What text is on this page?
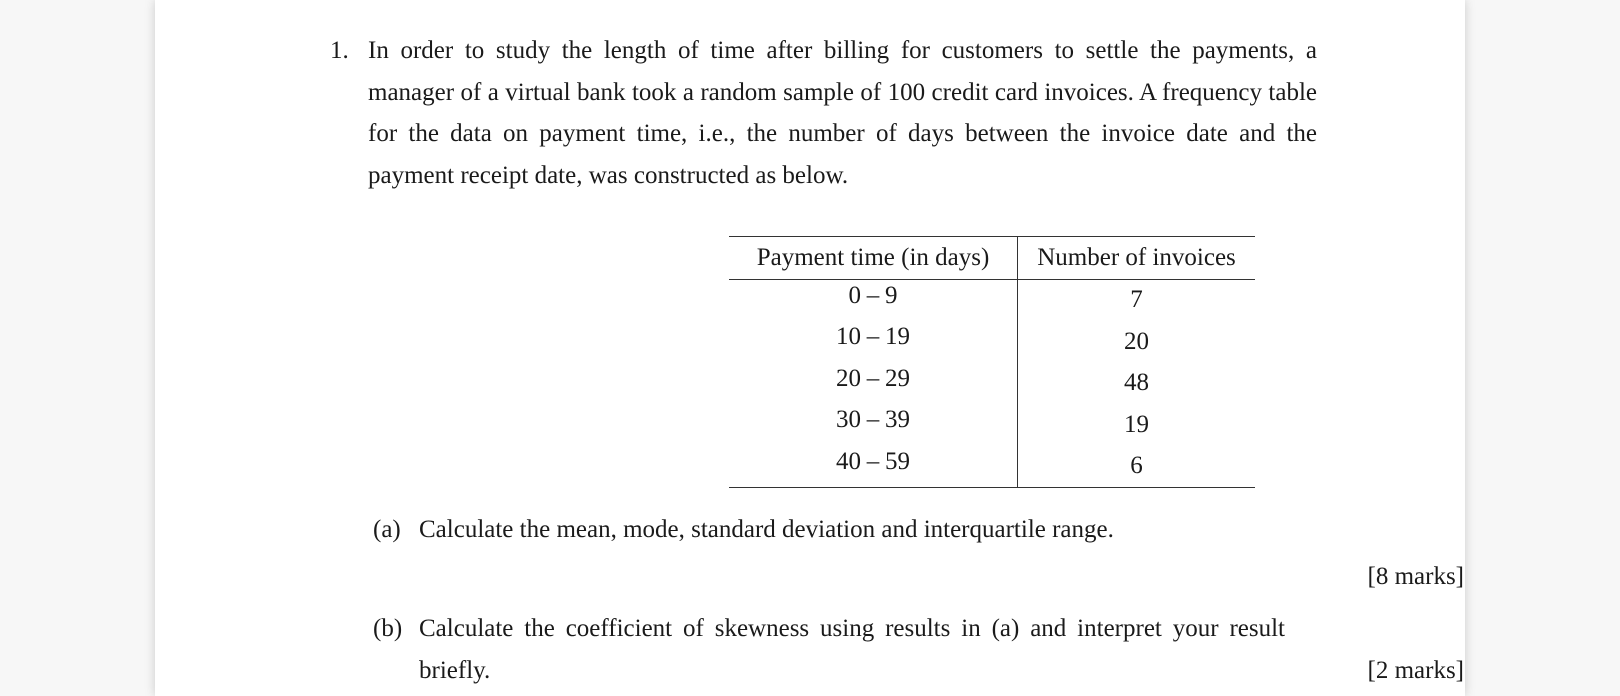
1. In order to study the length of time after billing for customers to settle the payments, a manager of a virtual bank took a random sample of 100 credit card invoices. A frequency table for the data on payment time, i.e., the number of days between the invoice date and the payment receipt date, was constructed as below.
Payment time (in days)	Number of invoices

0 – 9	7

10 – 19	20

20 – 29	48

30 – 39	19

40 – 59	6
(a) Calculate the mean, mode, standard deviation and interquartile range.
[8 marks]
(b) Calculate the coefficient of skewness using results in (a) and interpret your result briefly.	[2 marks]
